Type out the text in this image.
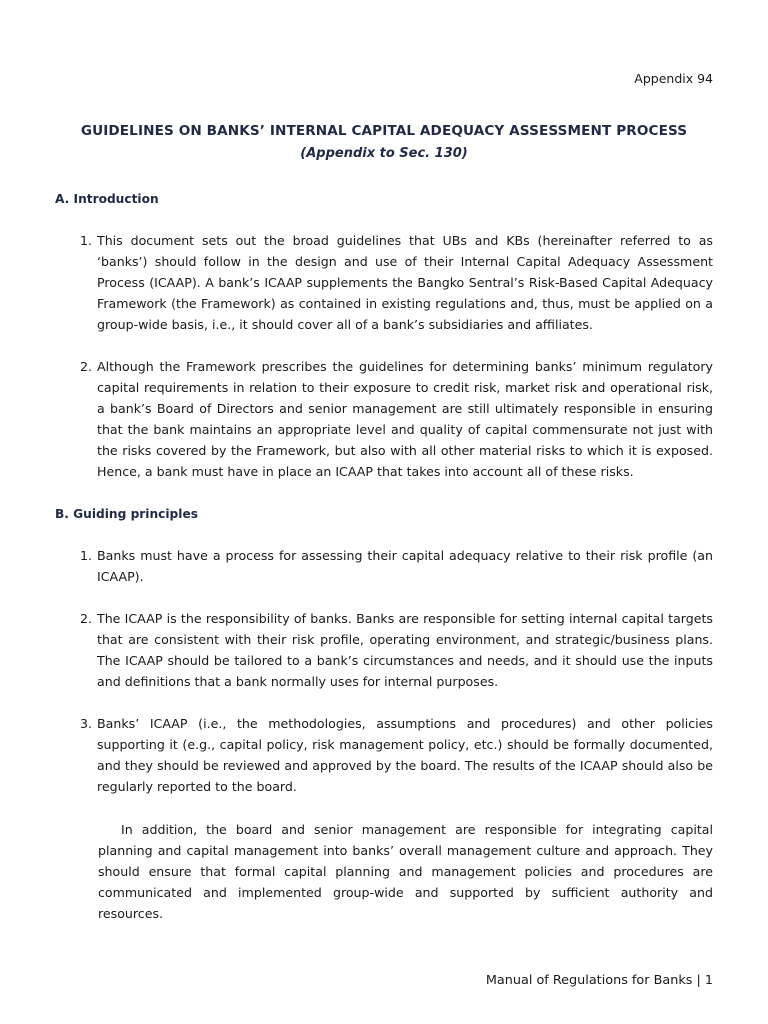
Appendix 94
GUIDELINES ON BANKS’ INTERNAL CAPITAL ADEQUACY ASSESSMENT PROCESS
(Appendix to Sec. 130)
A. Introduction
1. This document sets out the broad guidelines that UBs and KBs (hereinafter referred to as ‘banks’) should follow in the design and use of their Internal Capital Adequacy Assessment Process (ICAAP). A bank’s ICAAP supplements the Bangko Sentral’s Risk-Based Capital Adequacy Framework (the Framework) as contained in existing regulations and, thus, must be applied on a group-wide basis, i.e., it should cover all of a bank’s subsidiaries and affiliates.
2. Although the Framework prescribes the guidelines for determining banks’ minimum regulatory capital requirements in relation to their exposure to credit risk, market risk and operational risk, a bank’s Board of Directors and senior management are still ultimately responsible in ensuring that the bank maintains an appropriate level and quality of capital commensurate not just with the risks covered by the Framework, but also with all other material risks to which it is exposed. Hence, a bank must have in place an ICAAP that takes into account all of these risks.
B. Guiding principles
1. Banks must have a process for assessing their capital adequacy relative to their risk profile (an ICAAP).
2. The ICAAP is the responsibility of banks. Banks are responsible for setting internal capital targets that are consistent with their risk profile, operating environment, and strategic/business plans. The ICAAP should be tailored to a bank’s circumstances and needs, and it should use the inputs and definitions that a bank normally uses for internal purposes.
3. Banks’ ICAAP (i.e., the methodologies, assumptions and procedures) and other policies supporting it (e.g., capital policy, risk management policy, etc.) should be formally documented, and they should be reviewed and approved by the board. The results of the ICAAP should also be regularly reported to the board.
In addition, the board and senior management are responsible for integrating capital planning and capital management into banks’ overall management culture and approach. They should ensure that formal capital planning and management policies and procedures are communicated and implemented group-wide and supported by sufficient authority and resources.
Manual of Regulations for Banks | 1
